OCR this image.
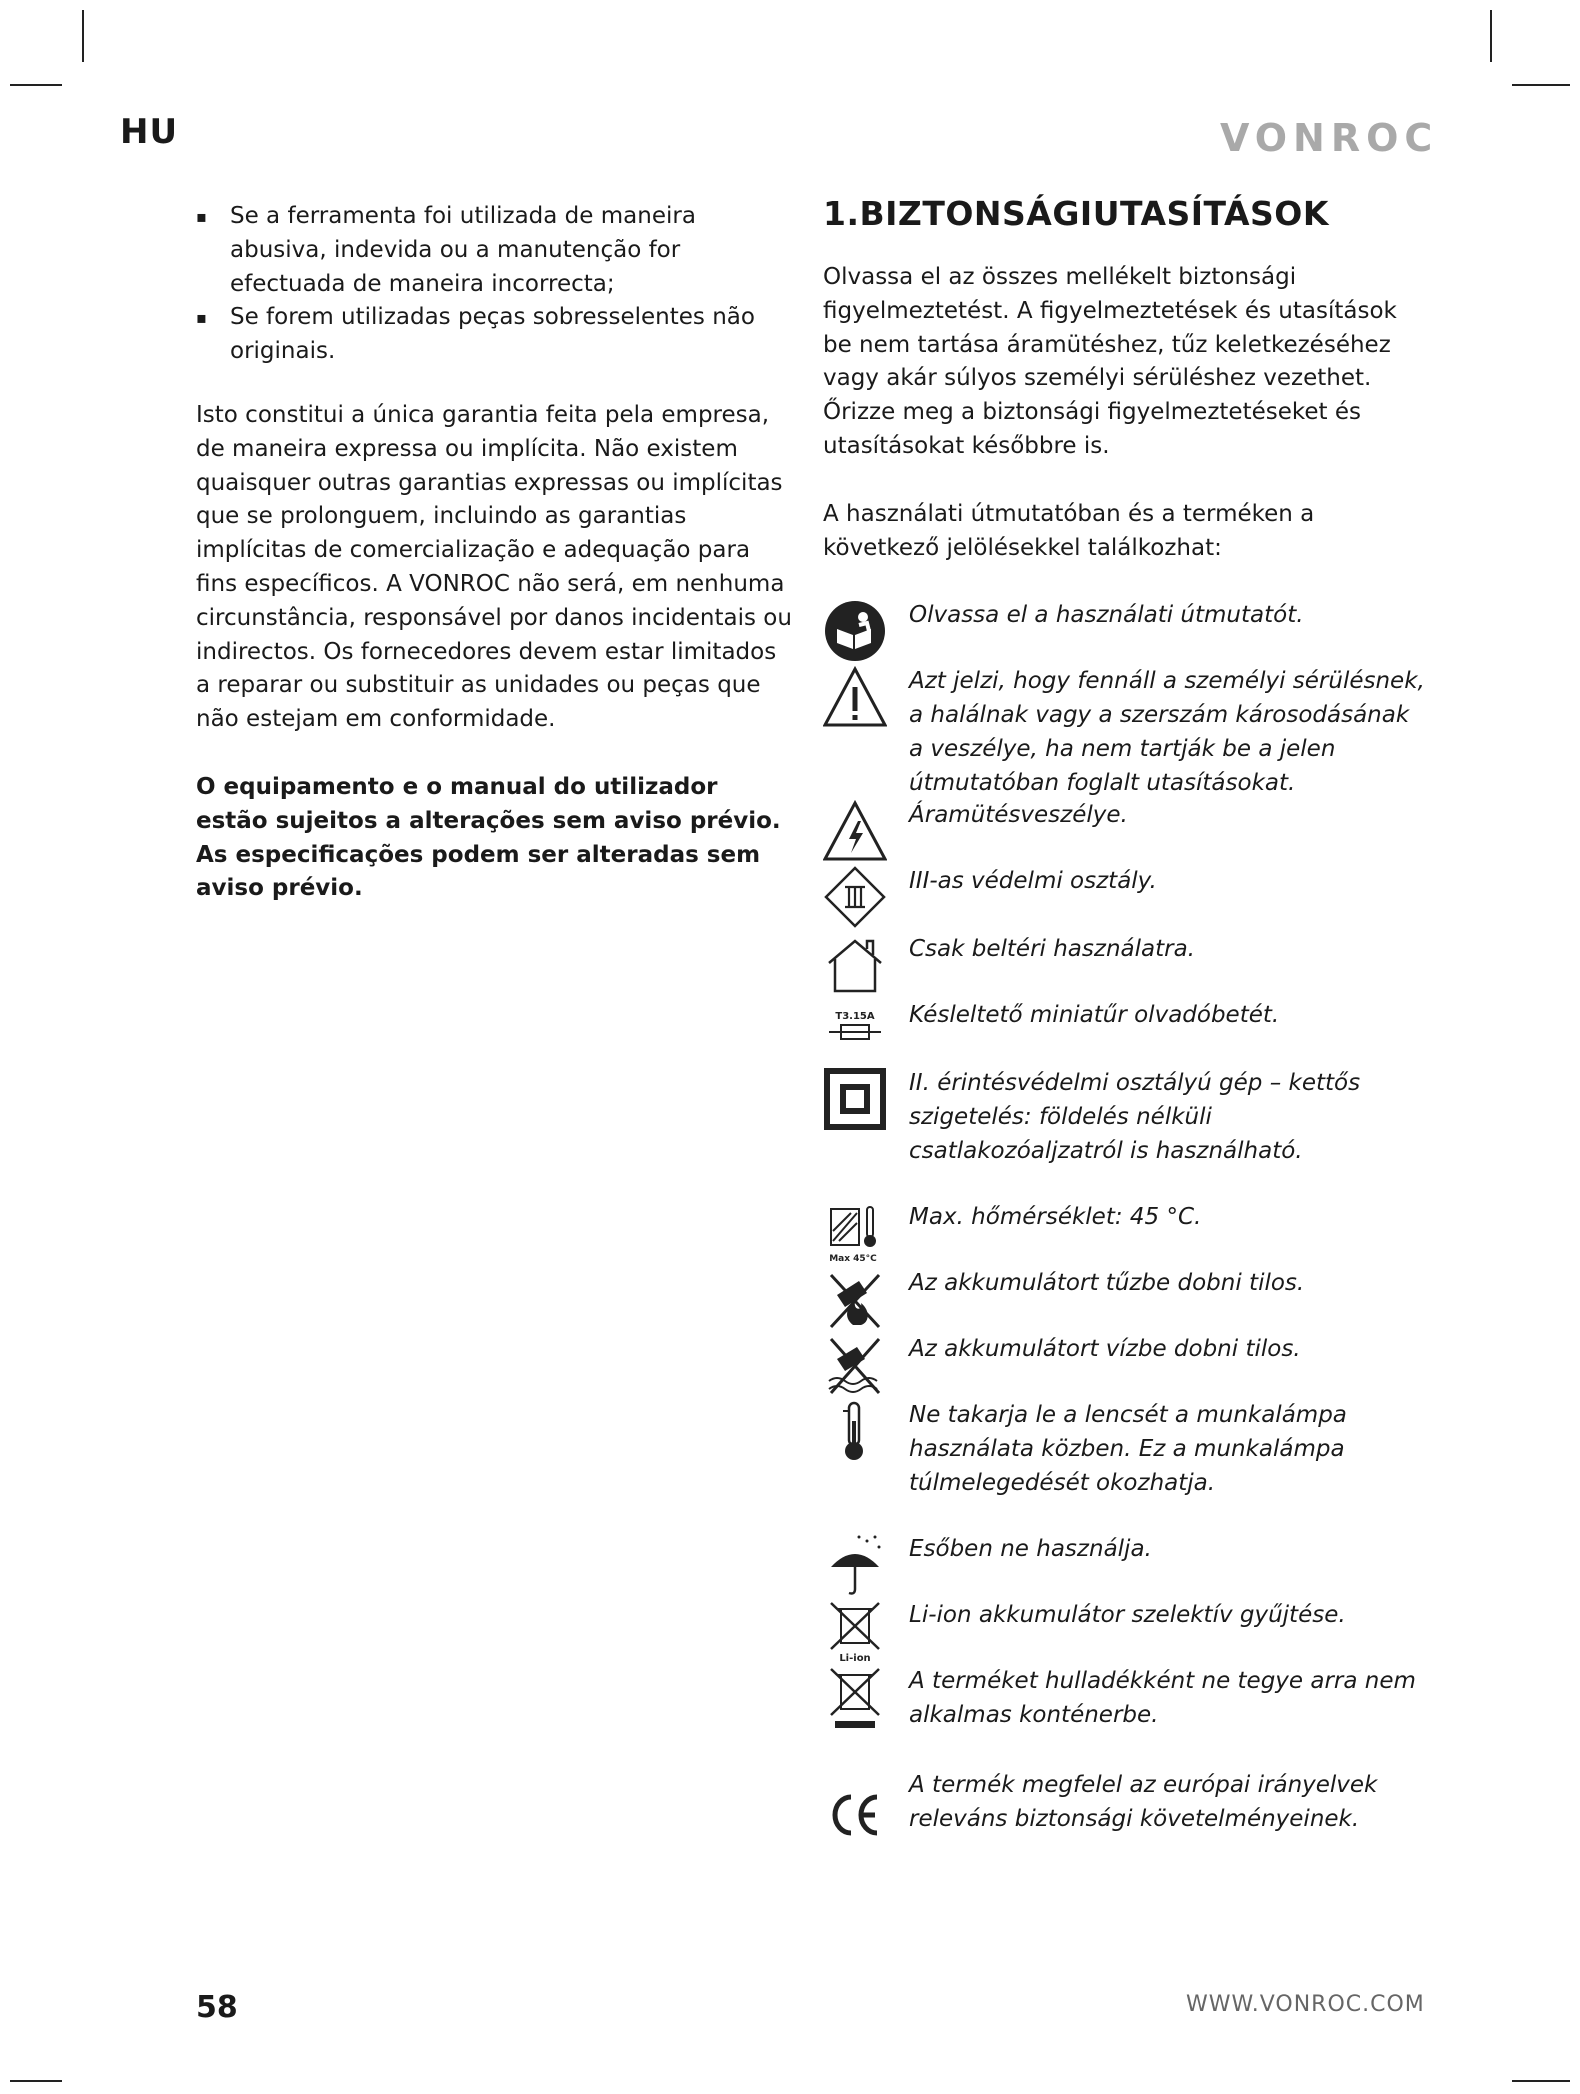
HU	VONROC
▪ Se a ferramenta foi utilizada de maneira abusiva, indevida ou a manutenção for efectuada de maneira incorrecta;
▪ Se forem utilizadas peças sobresselentes não originais.

Isto constitui a única garantia feita pela empresa, de maneira expressa ou implícita. Não existem quaisquer outras garantias expressas ou implícitas que se prolonguem, incluindo as garantias implícitas de comercialização e adequação para fins específicos. A VONROC não será, em nenhuma circunstância, responsável por danos incidentais ou indirectos. Os fornecedores devem estar limitados a reparar ou substituir as unidades ou peças que não estejam em conformidade.

O equipamento e o manual do utilizador estão sujeitos a alterações sem aviso prévio. As especificações podem ser alteradas sem aviso prévio.

1.BIZTONSÁGIUTASÍTÁSOK

Olvassa el az összes mellékelt biztonsági figyelmeztetést. A figyelmeztetések és utasítások be nem tartása áramütéshez, tűz keletkezéséhez vagy akár súlyos személyi sérüléshez vezethet. Őrizze meg a biztonsági figyelmeztetéseket és utasításokat későbbre is.

A használati útmutatóban és a terméken a következő jelölésekkel találkozhat:

Olvassa el a használati útmutatót.
Azt jelzi, hogy fennáll a személyi sérülésnek, a halálnak vagy a szerszám károsodásának a veszélye, ha nem tartják be a jelen útmutatóban foglalt utasításokat.
Áramütésveszélye.
III-as védelmi osztály.
Csak beltéri használatra.
T3.15A Késleltető miniatűr olvadóbetét.
II. érintésvédelmi osztályú gép – kettős szigetelés: földelés nélküli csatlakozóaljzatról is használható.
Max 45°C
Max. hőmérséklet: 45 °C.
Az akkumulátort tűzbe dobni tilos.
Az akkumulátort vízbe dobni tilos.
Ne takarja le a lencsét a munkalámpa használata közben. Ez a munkalámpa túlmelegedését okozhatja.
Esőben ne használja.
Li-ion
Li-ion akkumulátor szelektív gyűjtése.
A terméket hulladékként ne tegye arra nem alkalmas konténerbe.
A termék megfelel az európai irányelvek releváns biztonsági követelményeinek.
58	WWW.VONROC.COM
